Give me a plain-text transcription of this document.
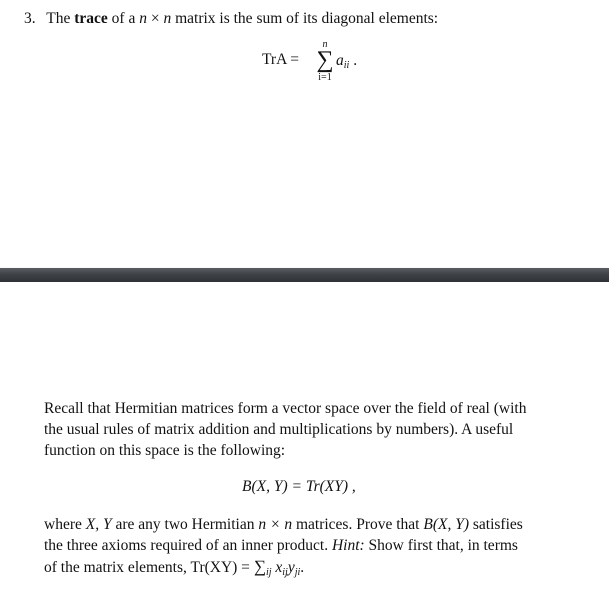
3. The trace of a n × n matrix is the sum of its diagonal elements:
TrA =
n
∑
i=1
$a_{ii}$ .
Recall that Hermitian matrices form a vector space over the field of real (with
the usual rules of matrix addition and multiplications by numbers). A useful
function on this space is the following:
B(X, Y) = Tr(XY) ,
where X, Y are any two Hermitian n × n matrices. Prove that B(X, Y) satisfies
the three axioms required of an inner product. Hint: Show first that, in terms
of the matrix elements, $Tr(XY) = \sum_{ij}$ $x_{ij}y_{ji}$.
